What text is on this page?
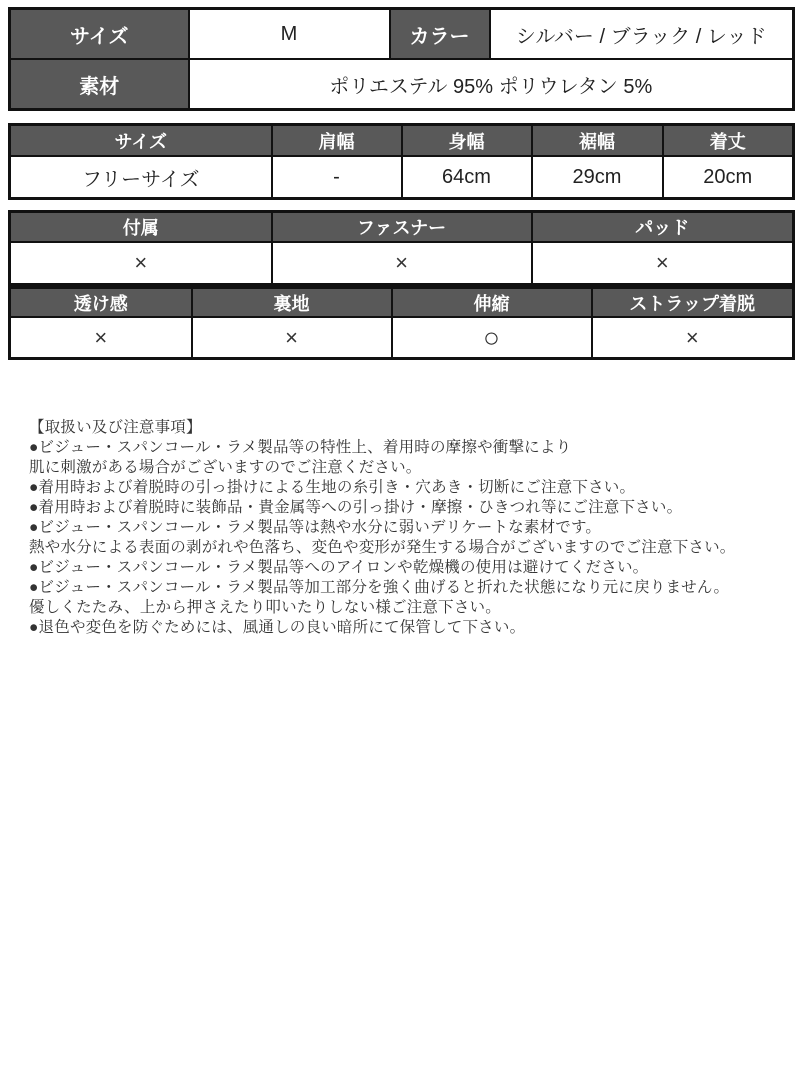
サイズ	M	カラー	シルバー / ブラック / レッド
素材	ポリエステル 95% ポリウレタン 5%		
サイズ	肩幅	身幅	裾幅	着丈
フリーサイズ	-	64cm	29cm	20cm
付属	ファスナー	パッド
×	×	×
透け感	裏地	伸縮	ストラップ着脱
×	×	○	×
【取扱い及び注意事項】
●ビジュー・スパンコール・ラメ製品等の特性上、着用時の摩擦や衝撃により
肌に刺激がある場合がございますのでご注意ください。
●着用時および着脱時の引っ掛けによる生地の糸引き・穴あき・切断にご注意下さい。
●着用時および着脱時に装飾品・貴金属等への引っ掛け・摩擦・ひきつれ等にご注意下さい。
●ビジュー・スパンコール・ラメ製品等は熱や水分に弱いデリケートな素材です。
熱や水分による表面の剥がれや色落ち、変色や変形が発生する場合がございますのでご注意下さい。
●ビジュー・スパンコール・ラメ製品等へのアイロンや乾燥機の使用は避けてください。
●ビジュー・スパンコール・ラメ製品等加工部分を強く曲げると折れた状態になり元に戻りません。
優しくたたみ、上から押さえたり叩いたりしない様ご注意下さい。
●退色や変色を防ぐためには、風通しの良い暗所にて保管して下さい。
